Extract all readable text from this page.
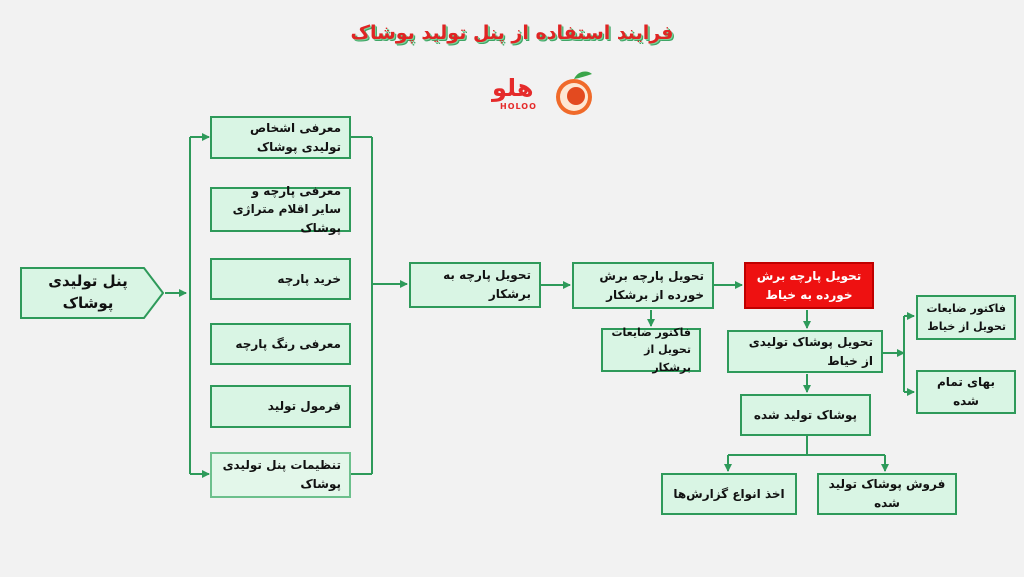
فرایند استفاده از پنل تولید پوشاک
هلو
HOLOO
پنل تولیدی پوشاک
معرفی اشخاص تولیدی پوشاک
معرفی پارچه و سایر اقلام متراژی پوشاک
خرید پارچه
معرفی رنگ پارچه
فرمول تولید
تنظیمات پنل تولیدی پوشاک
تحویل پارچه به برشکار
تحویل پارچه برش خورده از برشکار
فاکتور ضایعات تحویل از برشکار
تحویل پارچه برش خورده به خیاط
تحویل پوشاک تولیدی از خیاط
فاکتور ضایعات تحویل از خیاط
بهای تمام شده
پوشاک تولید شده
اخذ انواع گزارش‌ها
فروش پوشاک تولید شده
